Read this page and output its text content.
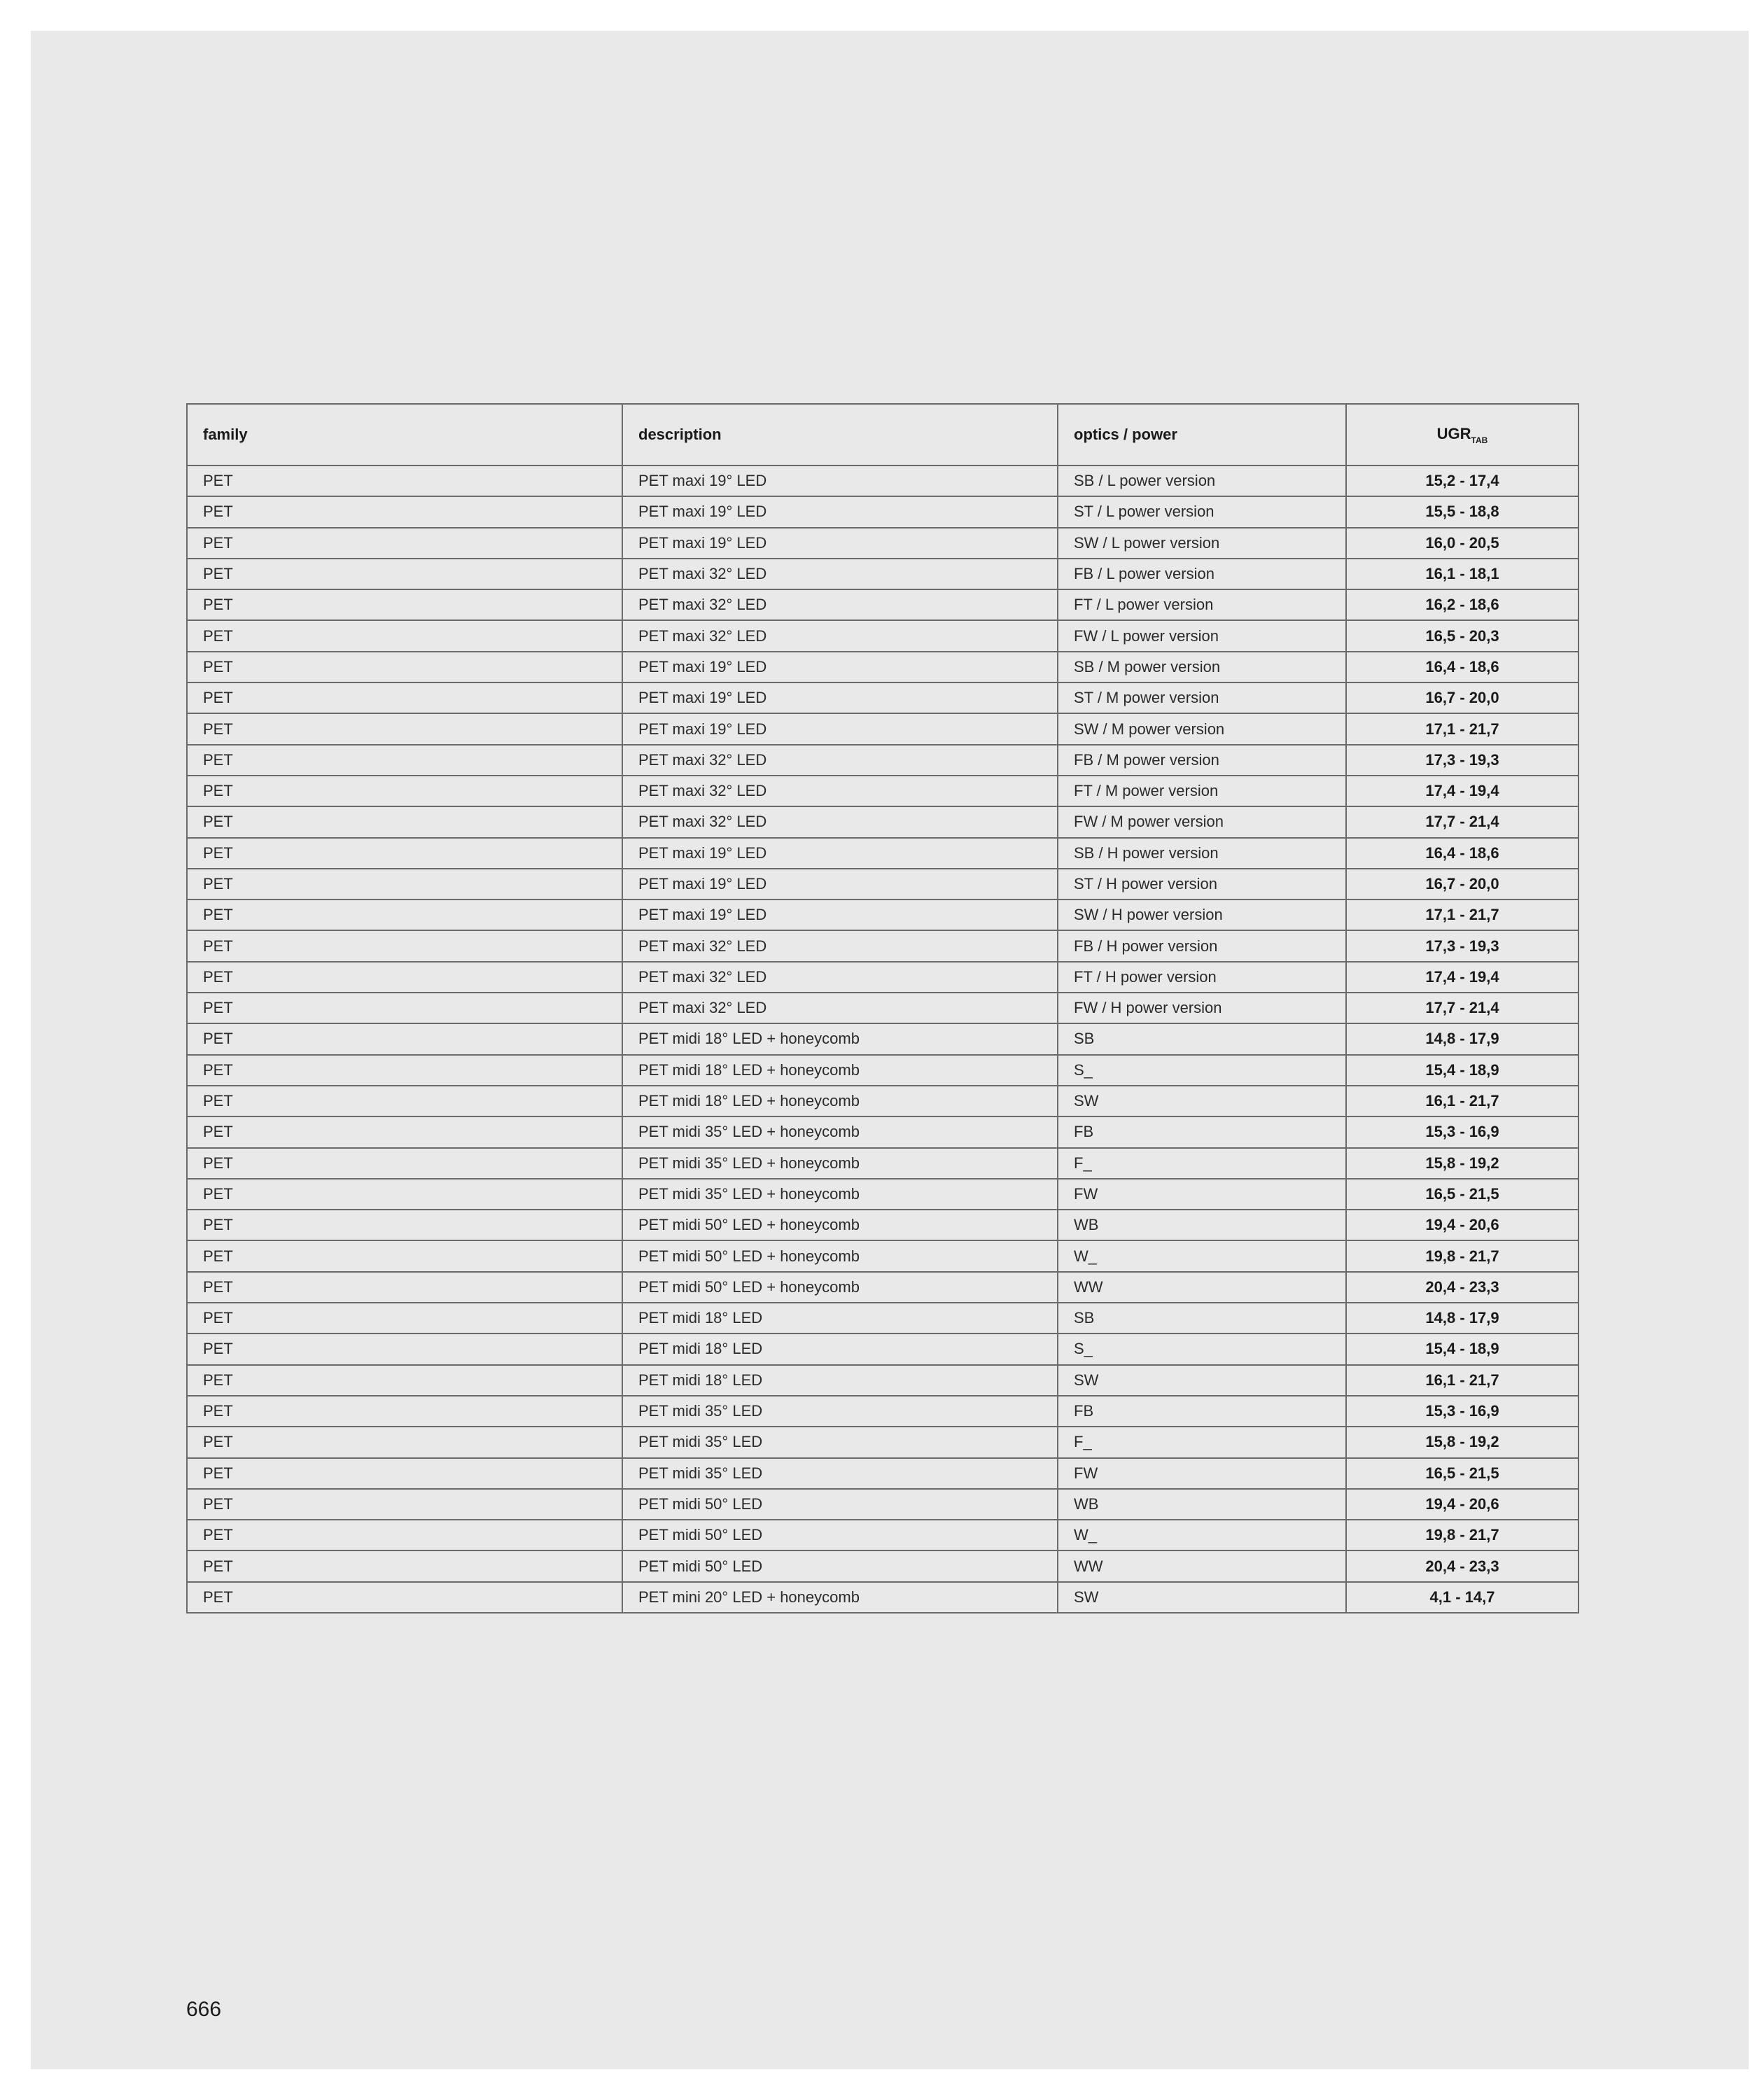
family	description	optics / power	$UGR_{TAB}$
PET	PET maxi 19° LED	SB / L power version	15,2 - 17,4
PET	PET maxi 19° LED	ST / L power version	15,5 - 18,8
PET	PET maxi 19° LED	SW / L power version	16,0 - 20,5
PET	PET maxi 32° LED	FB / L power version	16,1 - 18,1
PET	PET maxi 32° LED	FT / L power version	16,2 - 18,6
PET	PET maxi 32° LED	FW / L power version	16,5 - 20,3
PET	PET maxi 19° LED	SB / M power version	16,4 - 18,6
PET	PET maxi 19° LED	ST / M power version	16,7 - 20,0
PET	PET maxi 19° LED	SW / M power version	17,1 - 21,7
PET	PET maxi 32° LED	FB / M power version	17,3 - 19,3
PET	PET maxi 32° LED	FT / M power version	17,4 - 19,4
PET	PET maxi 32° LED	FW / M power version	17,7 - 21,4
PET	PET maxi 19° LED	SB / H power version	16,4 - 18,6
PET	PET maxi 19° LED	ST / H power version	16,7 - 20,0
PET	PET maxi 19° LED	SW / H power version	17,1 - 21,7
PET	PET maxi 32° LED	FB / H power version	17,3 - 19,3
PET	PET maxi 32° LED	FT / H power version	17,4 - 19,4
PET	PET maxi 32° LED	FW / H power version	17,7 - 21,4
PET	PET midi 18° LED + honeycomb	SB	14,8 - 17,9
PET	PET midi 18° LED + honeycomb	S_	15,4 - 18,9
PET	PET midi 18° LED + honeycomb	SW	16,1 - 21,7
PET	PET midi 35° LED + honeycomb	FB	15,3 - 16,9
PET	PET midi 35° LED + honeycomb	F_	15,8 - 19,2
PET	PET midi 35° LED + honeycomb	FW	16,5 - 21,5
PET	PET midi 50° LED + honeycomb	WB	19,4 - 20,6
PET	PET midi 50° LED + honeycomb	W_	19,8 - 21,7
PET	PET midi 50° LED + honeycomb	WW	20,4 - 23,3
PET	PET midi 18° LED	SB	14,8 - 17,9
PET	PET midi 18° LED	S_	15,4 - 18,9
PET	PET midi 18° LED	SW	16,1 - 21,7
PET	PET midi 35° LED	FB	15,3 - 16,9
PET	PET midi 35° LED	F_	15,8 - 19,2
PET	PET midi 35° LED	FW	16,5 - 21,5
PET	PET midi 50° LED	WB	19,4 - 20,6
PET	PET midi 50° LED	W_	19,8 - 21,7
PET	PET midi 50° LED	WW	20,4 - 23,3
PET	PET mini 20° LED + honeycomb	SW	4,1 - 14,7
666
